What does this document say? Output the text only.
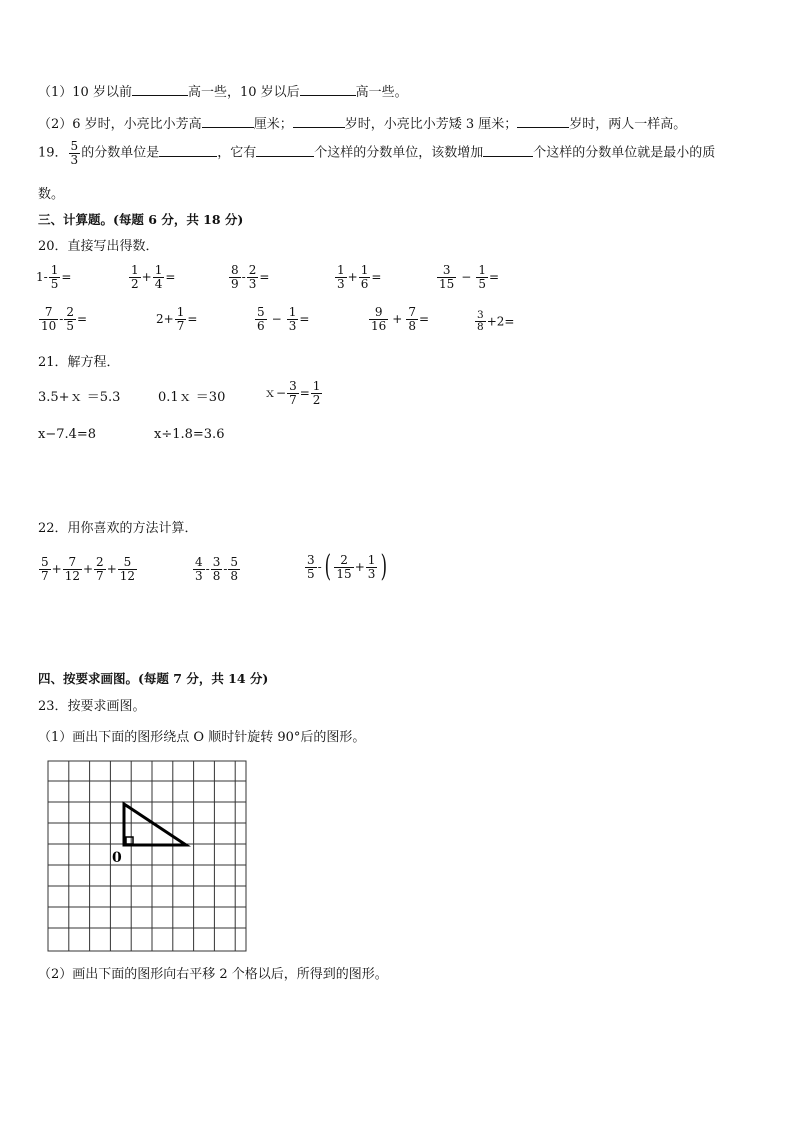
（1）10 岁以前	高一些，10 岁以后	高一些。
（2）6 岁时，小亮比小芳高	厘米；	岁时，小亮比小芳矮 3 厘米；	岁时，两人一样高。
19． $\frac{5}{3}$ 的分数单位是	，它有	个这样的分数单位，该数增加	个这样的分数单位就是最小的质
数。
三、计算题。(每题 6 分，共 18 分)
20．直接写出得数．
$1- \frac{1}{5}$ =	$\frac{1}{2} + \frac{1}{4}$ =	$\frac{8}{9} - \frac{2}{3}$ =	$\frac{1}{3} + \frac{1}{6}$ =	$\frac{3}{15} - \frac{1}{5}$ =
$\frac{7}{10} - \frac{2}{5}$ =	$2+ \frac{1}{7}$ =	$\frac{5}{6} - \frac{1}{3}$ =	$\frac{9}{16} + \frac{7}{8}$ =	$\frac{3}{8} +2=$
21．解方程．
3.5+ｘ ＝5.3	0.1ｘ ＝30	ｘ− $\frac{3}{7} = \frac{1}{2}$
x−7.4=8	x÷1.8=3.6
22．用你喜欢的方法计算．
$\frac{5}{7} + \frac{7}{12} + \frac{2}{7} + \frac{5}{12}$	$\frac{4}{3} - \frac{3}{8} - \frac{5}{8}$	$\frac{3}{5}$ -( $\frac{2}{15} + \frac{1}{3}$ )
四、按要求画图。(每题 7 分，共 14 分)
23．按要求画图。
（1）画出下面的图形绕点 O 顺时针旋转 90°后的图形。
0
（2）画出下面的图形向右平移 2 个格以后，所得到的图形。
